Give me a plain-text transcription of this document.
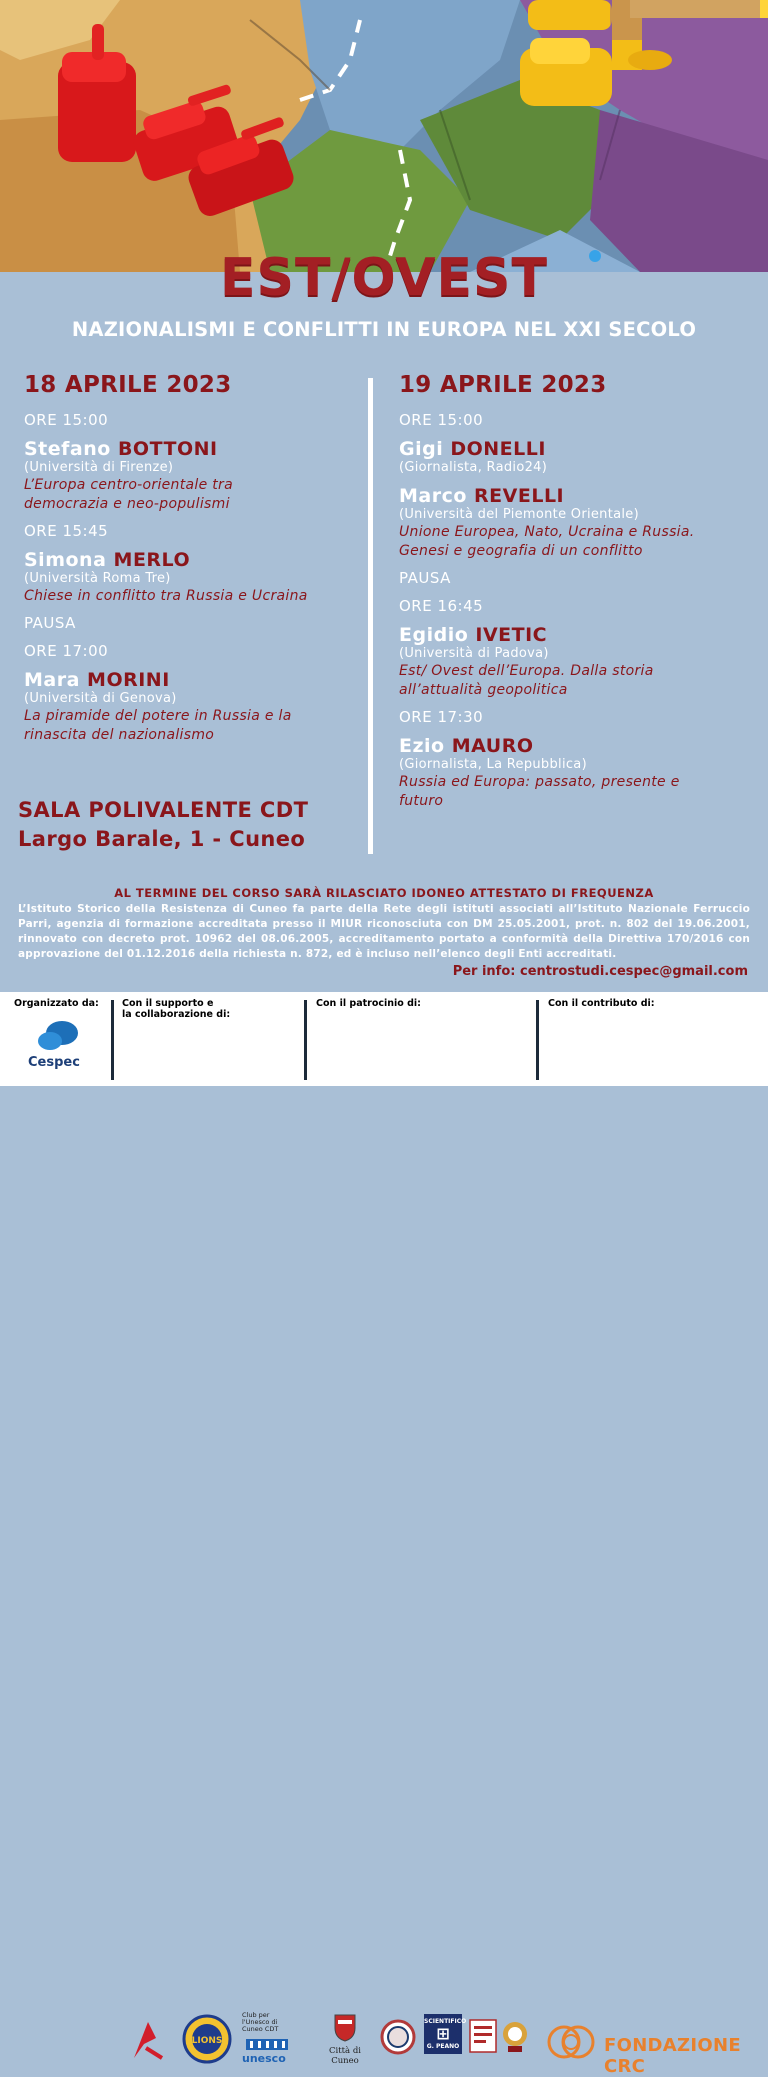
EST/OVEST
NAZIONALISMI E CONFLITTI IN EUROPA NEL XXI SECOLO
18 APRILE 2023
ORE 15:00
Stefano BOTTONI
(Università di Firenze)
L’Europa centro-orientale tra
democrazia e neo-populismi
ORE 15:45
Simona MERLO
(Università Roma Tre)
Chiese in conflitto tra Russia e Ucraina
PAUSA
ORE 17:00
Mara MORINI
(Università di Genova)
La piramide del potere in Russia e la
rinascita del nazionalismo
19 APRILE 2023
ORE 15:00
Gigi DONELLI
(Giornalista, Radio24)
Marco REVELLI
(Università del Piemonte Orientale)
Unione Europea, Nato, Ucraina e Russia.
Genesi e geografia di un conflitto
PAUSA
ORE 16:45
Egidio IVETIC
(Università di Padova)
Est/ Ovest dell’Europa. Dalla storia
all’attualità geopolitica
ORE 17:30
Ezio MAURO
(Giornalista, La Repubblica)
Russia ed Europa: passato, presente e
futuro
SALA POLIVALENTE CDT
Largo Barale, 1 - Cuneo
AL TERMINE DEL CORSO SARÀ RILASCIATO IDONEO ATTESTATO DI FREQUENZA
L’Istituto Storico della Resistenza di Cuneo fa parte della Rete degli istituti associati all’Istituto Nazionale Ferruccio Parri, agenzia di formazione accreditata presso il MIUR riconosciuta con DM 25.05.2001, prot. n. 802 del 19.06.2001, rinnovato con decreto prot. 10962 del 08.06.2005, accreditamento portato a conformità della Direttiva 170/2016 con approvazione del 01.12.2016 della richiesta n. 872, ed è incluso nell’elenco degli Enti accreditati.
Per info: centrostudi.cespec@gmail.com
Organizzato da:
Cespec
Con il supporto e
la collaborazione di:
LIONS
Club per l'Unesco di Cuneo CDT
unesco
Con il patrocinio di:
Città di Cuneo
SCIENTIFICO
⊞
G. PEANO
Con il contributo di:
FONDAZIONE CRC
